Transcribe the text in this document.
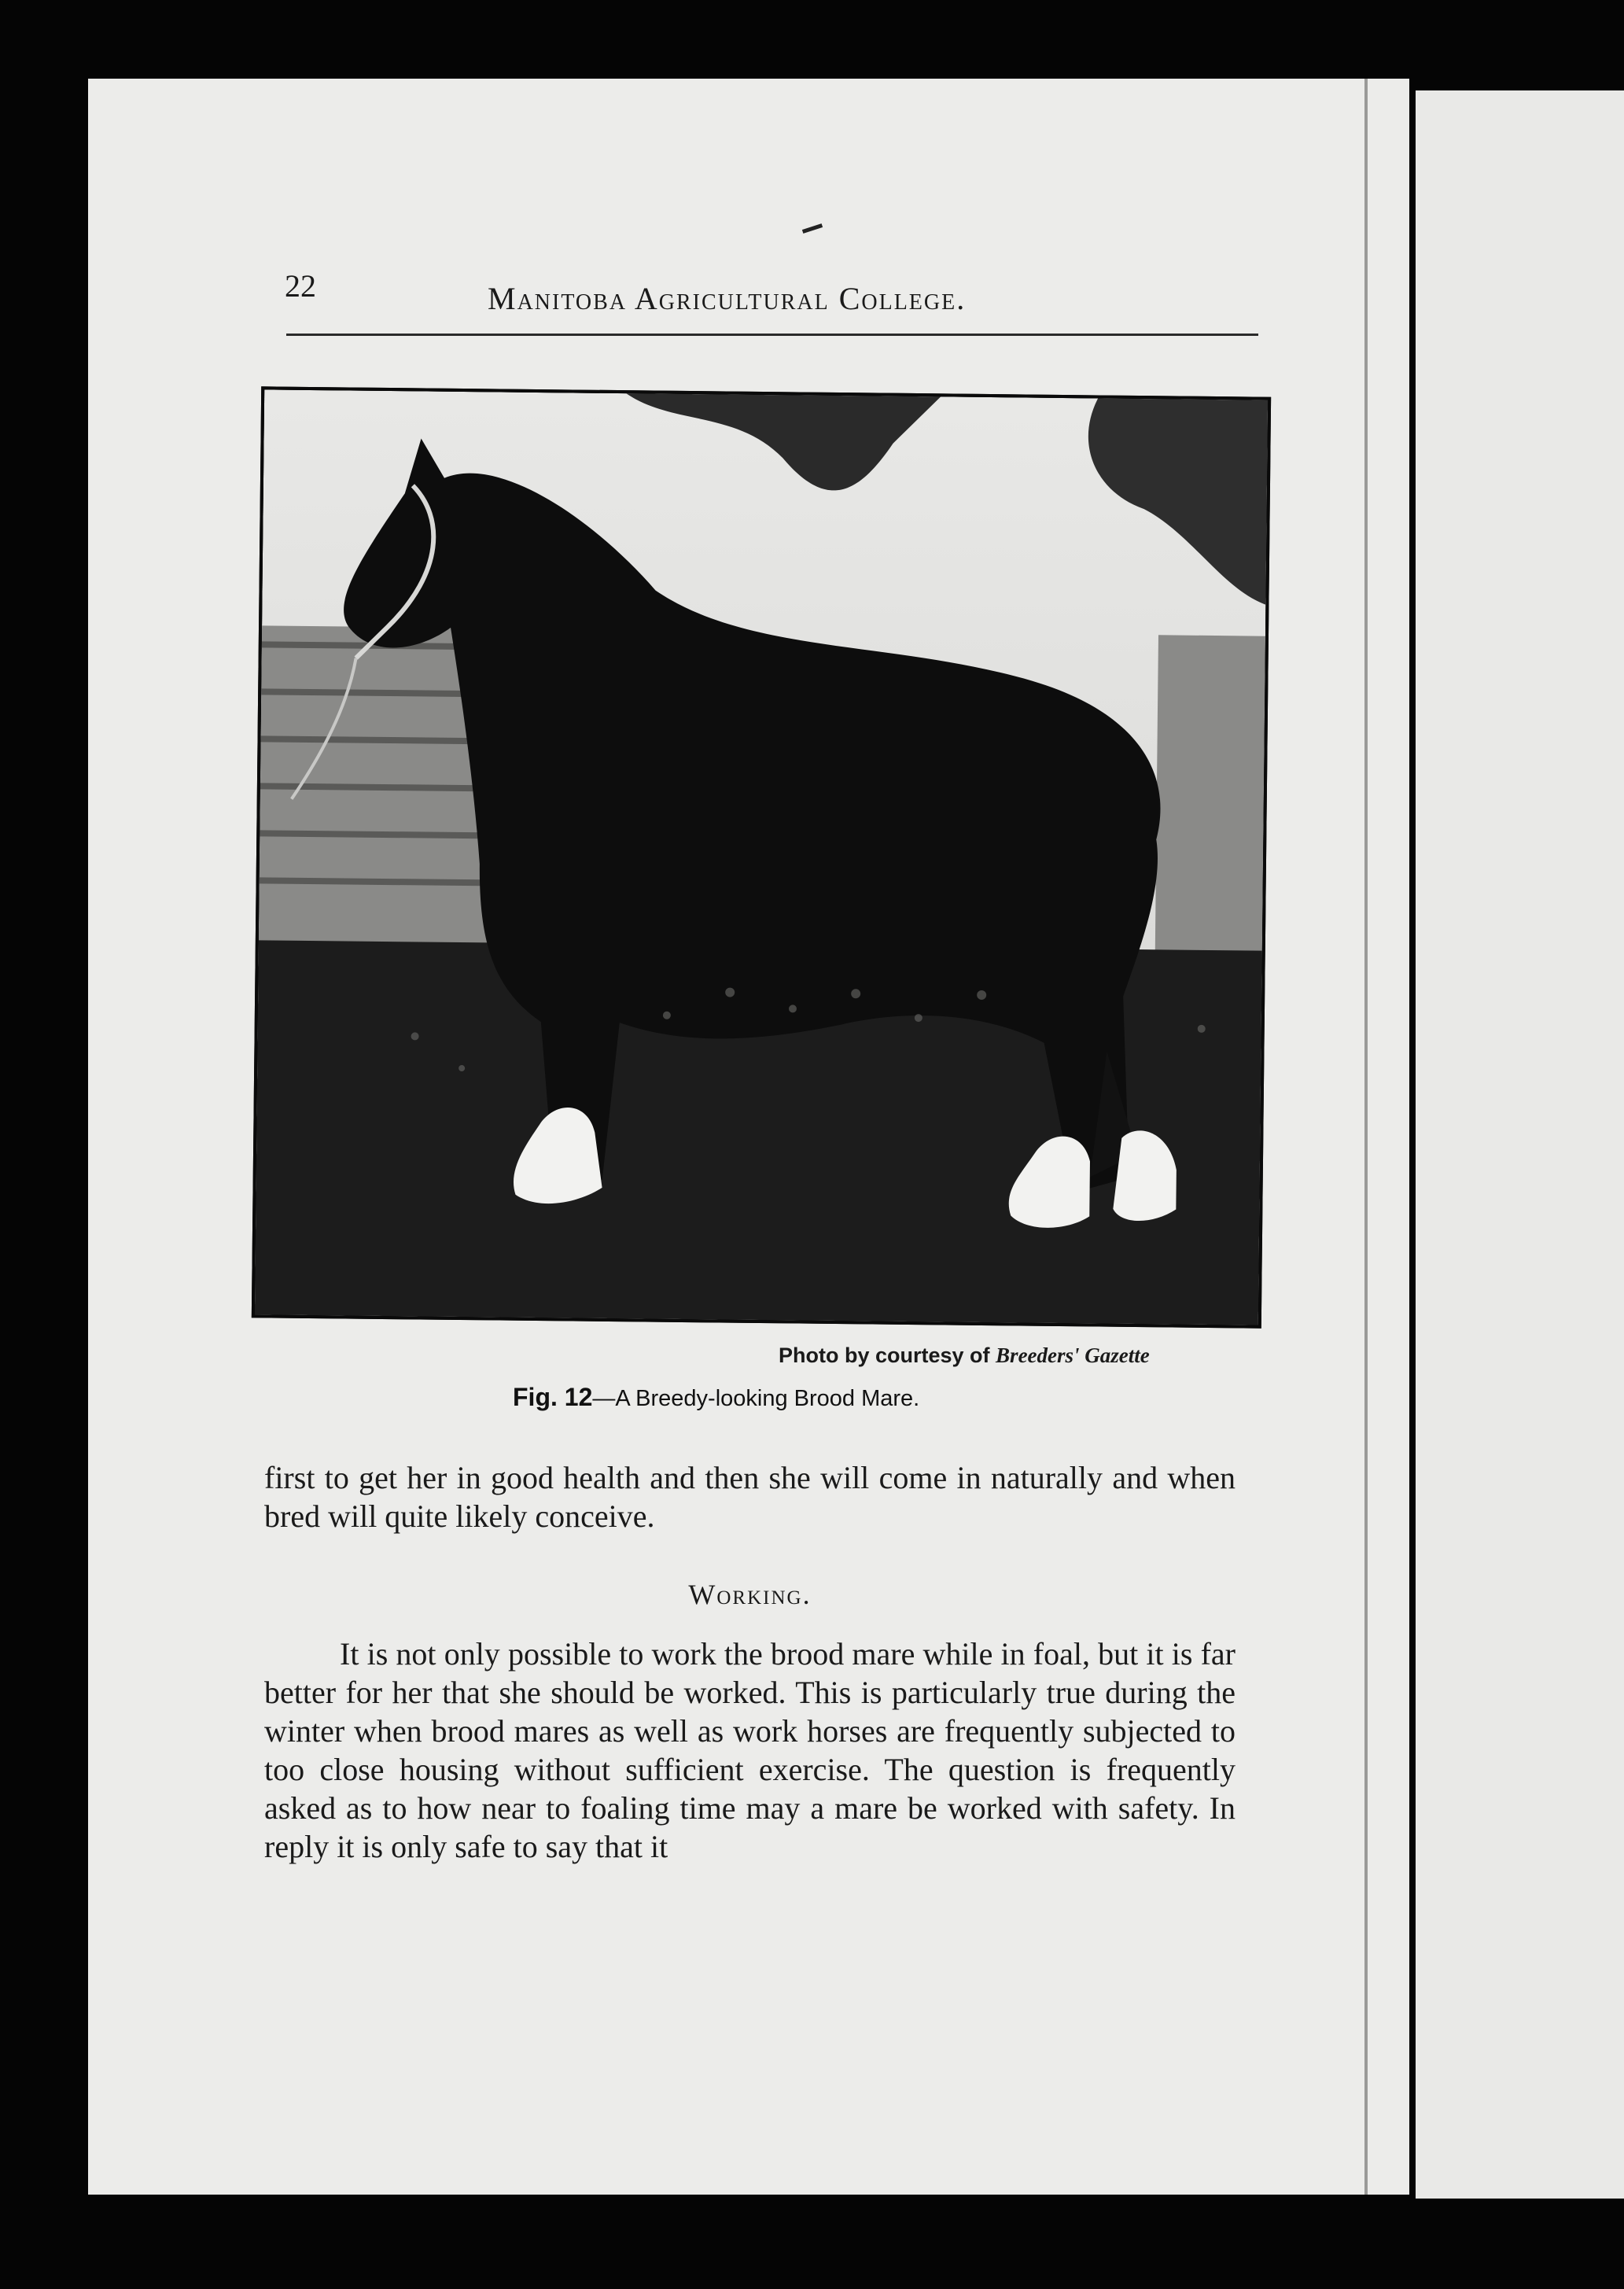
22	Manitoba Agricultural College.
Photo by courtesy of Breeders' Gazette
Fig. 12—A Breedy-looking Brood Mare.

first to get her in good health and then she will come in naturally and when bred will quite likely conceive.

Working.

It is not only possible to work the brood mare while in foal, but it is far better for her that she should be worked. This is particularly true during the winter when brood mares as well as work horses are frequently subjected to too close housing without sufficient exercise. The question is frequently asked as to how near to foaling time may a mare be worked with safety. In reply it is only safe to say that it
